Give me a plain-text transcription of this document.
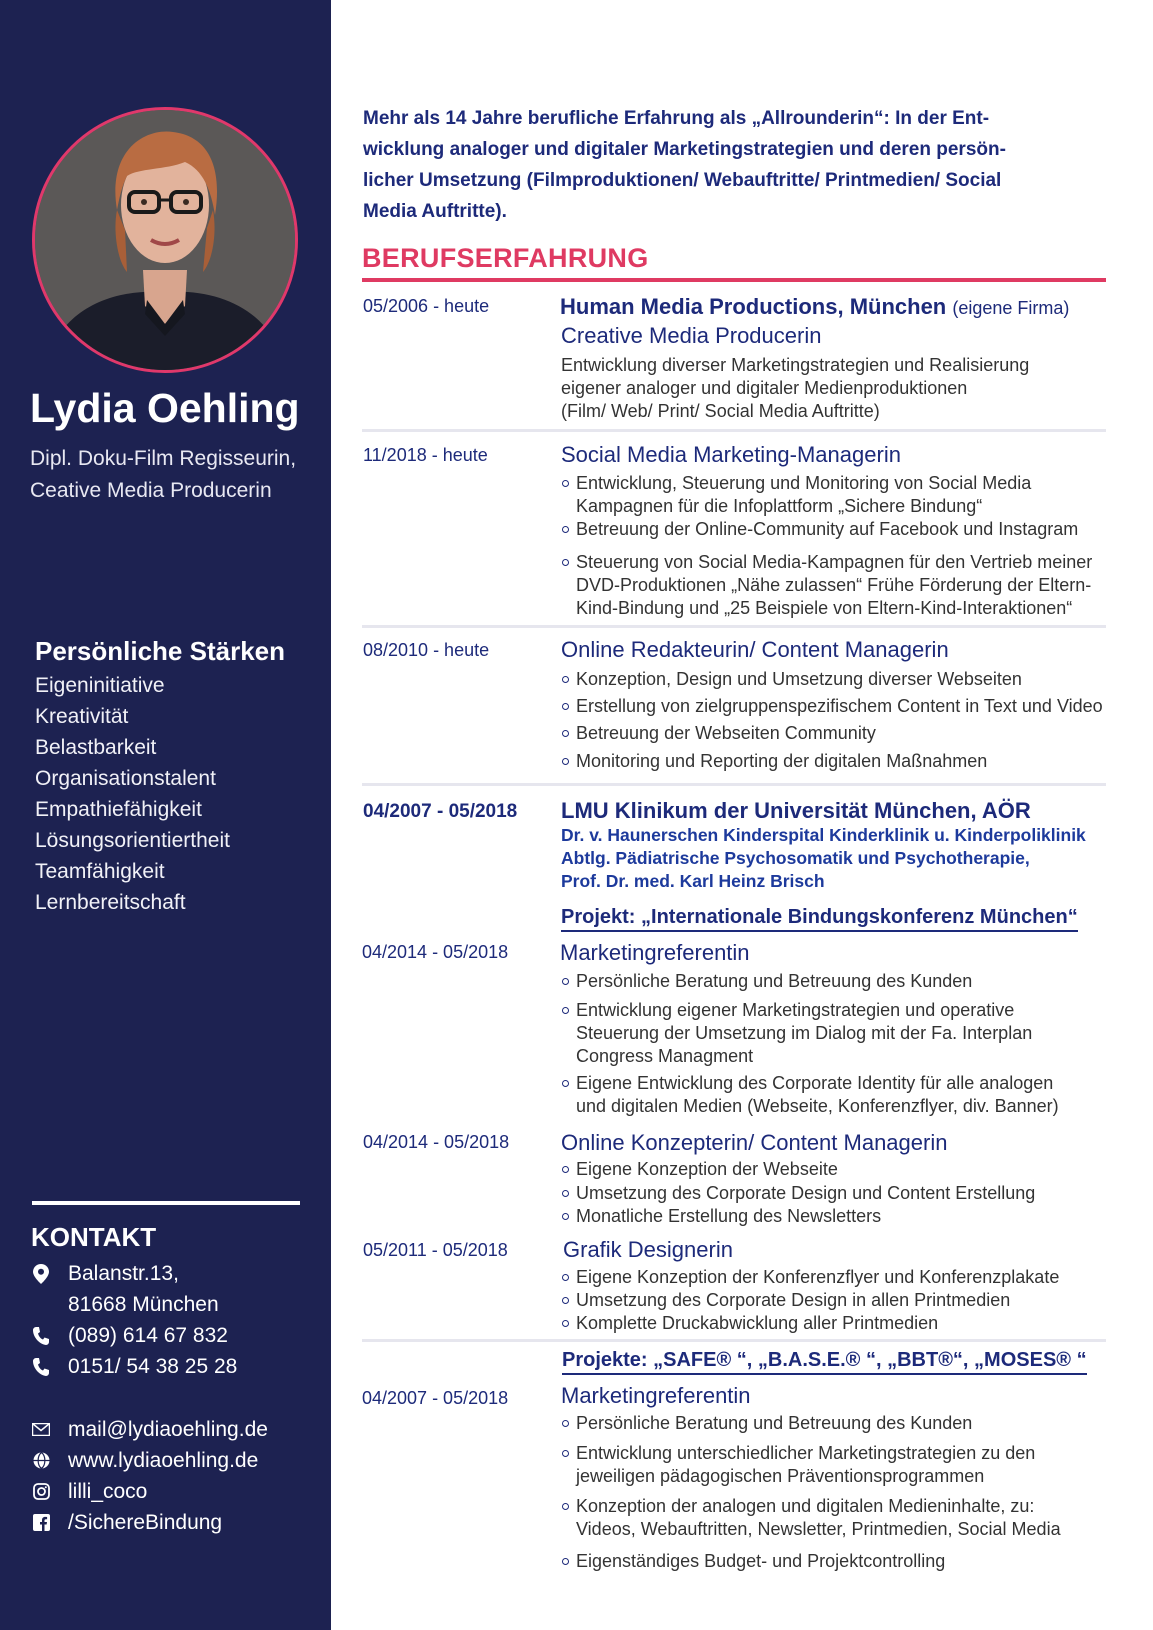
Lydia Oehling
Dipl. Doku-Film Regisseurin,
Ceative Media Producerin
Persönliche Stärken
Eigeninitiative
Kreativität
Belastbarkeit
Organisationstalent
Empathiefähigkeit
Lösungsorientiertheit
Teamfähigkeit
Lernbereitschaft
KONTAKT
Balanstr.13,
81668 München
(089) 614 67 832
0151/ 54 38 25 28
mail@lydiaoehling.de
www.lydiaoehling.de
lilli_coco
/SichereBindung
Mehr als 14 Jahre berufliche Erfahrung als „Allrounderin“: In der Ent-
wicklung analoger und digitaler Marketingstrategien und deren persön-
licher Umsetzung (Filmproduktionen/ Webauftritte/ Printmedien/ Social
Media Auftritte).
BERUFSERFAHRUNG
05/2006 - heute	Human Media Productions, München (eigene Firma)
Creative Media Producerin
Entwicklung diverser Marketingstrategien und Realisierung
eigener analoger und digitaler Medienproduktionen
(Film/ Web/ Print/ Social Media Auftritte)
11/2018 - heute	Social Media Marketing-Managerin
Entwicklung, Steuerung und Monitoring von Social Media
Kampagnen für die Infoplattform „Sichere Bindung“
Betreuung der Online-Community auf Facebook und Instagram
Steuerung von Social Media-Kampagnen für den Vertrieb meiner
DVD-Produktionen „Nähe zulassen“ Frühe Förderung der Eltern-
Kind-Bindung und „25 Beispiele von Eltern-Kind-Interaktionen“
08/2010 - heute	Online Redakteurin/ Content Managerin
Konzeption, Design und Umsetzung diverser Webseiten
Erstellung von zielgruppenspezifischem Content in Text und Video
Betreuung der Webseiten Community
Monitoring und Reporting der digitalen Maßnahmen
04/2007 - 05/2018 LMU Klinikum der Universität München, AÖR
Dr. v. Haunerschen Kinderspital Kinderklinik u. Kinderpoliklinik
Abtlg. Pädiatrische Psychosomatik und Psychotherapie,
Prof. Dr. med. Karl Heinz Brisch
Projekt: „Internationale Bindungskonferenz München“
04/2014 - 05/2018 Marketingreferentin
Persönliche Beratung und Betreuung des Kunden
Entwicklung eigener Marketingstrategien und operative
Steuerung der Umsetzung im Dialog mit der Fa. Interplan
Congress Managment
Eigene Entwicklung des Corporate Identity für alle analogen
und digitalen Medien (Webseite, Konferenzflyer, div. Banner)
04/2014 - 05/2018 Online Konzepterin/ Content Managerin
Eigene Konzeption der Webseite
Umsetzung des Corporate Design und Content Erstellung
Monatliche Erstellung des Newsletters
05/2011 - 05/2018	Grafik Designerin
Eigene Konzeption der Konferenzflyer und Konferenzplakate
Umsetzung des Corporate Design in allen Printmedien
Komplette Druckabwicklung aller Printmedien
Projekte: „SAFE® “, „B.A.S.E.® “, „BBT®“, „MOSES® “
04/2007 - 05/2018 Marketingreferentin
Persönliche Beratung und Betreuung des Kunden
Entwicklung unterschiedlicher Marketingstrategien zu den
jeweiligen pädagogischen Präventionsprogrammen
Konzeption der analogen und digitalen Medieninhalte, zu:
Videos, Webauftritten, Newsletter, Printmedien, Social Media
Eigenständiges Budget- und Projektcontrolling
